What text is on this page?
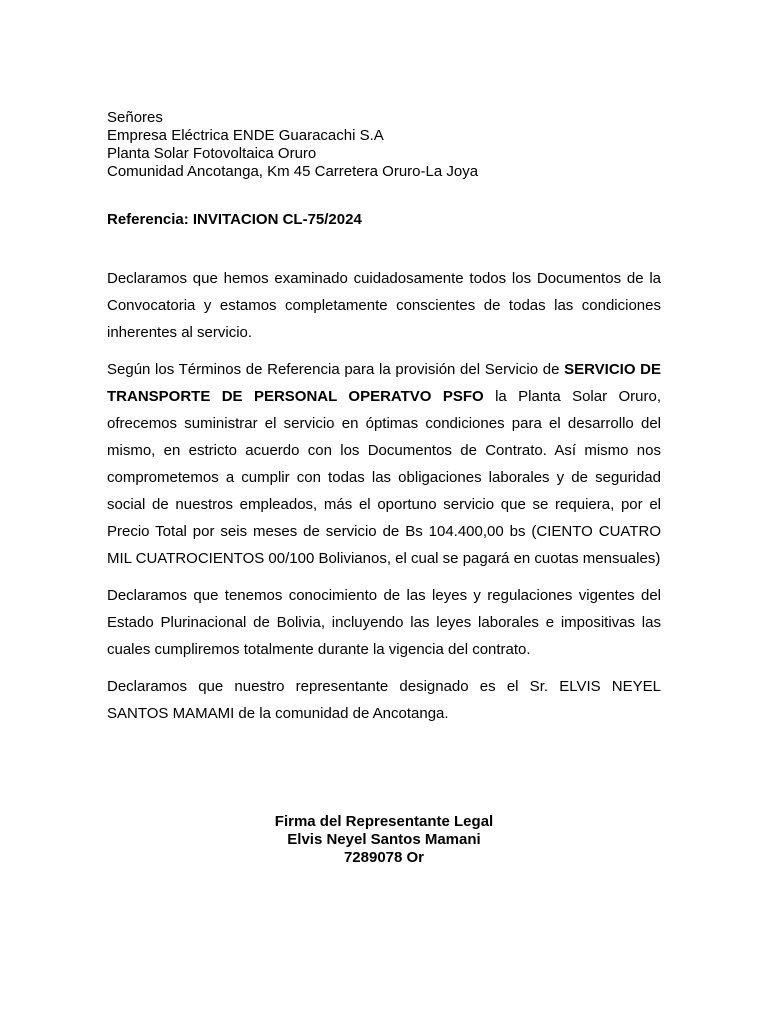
Señores
Empresa Eléctrica ENDE Guaracachi S.A
Planta Solar Fotovoltaica Oruro
Comunidad Ancotanga, Km 45 Carretera Oruro-La Joya
Referencia: INVITACION CL-75/2024

Declaramos que hemos examinado cuidadosamente todos los Documentos de la Convocatoria y estamos completamente conscientes de todas las condiciones inherentes al servicio.

Según los Términos de Referencia para la provisión del Servicio de SERVICIO DE TRANSPORTE DE PERSONAL OPERATVO PSFO la Planta Solar Oruro, ofrecemos suministrar el servicio en óptimas condiciones para el desarrollo del mismo, en estricto acuerdo con los Documentos de Contrato. Así mismo nos comprometemos a cumplir con todas las obligaciones laborales y de seguridad social de nuestros empleados, más el oportuno servicio que se requiera, por el Precio Total por seis meses de servicio de Bs 104.400,00 bs (CIENTO CUATRO MIL CUATROCIENTOS 00/100 Bolivianos, el cual se pagará en cuotas mensuales)

Declaramos que tenemos conocimiento de las leyes y regulaciones vigentes del Estado Plurinacional de Bolivia, incluyendo las leyes laborales e impositivas las cuales cumpliremos totalmente durante la vigencia del contrato.

Declaramos que nuestro representante designado es el Sr. ELVIS NEYEL SANTOS MAMAMI de la comunidad de Ancotanga.

Firma del Representante Legal
Elvis Neyel Santos Mamani
7289078 Or
